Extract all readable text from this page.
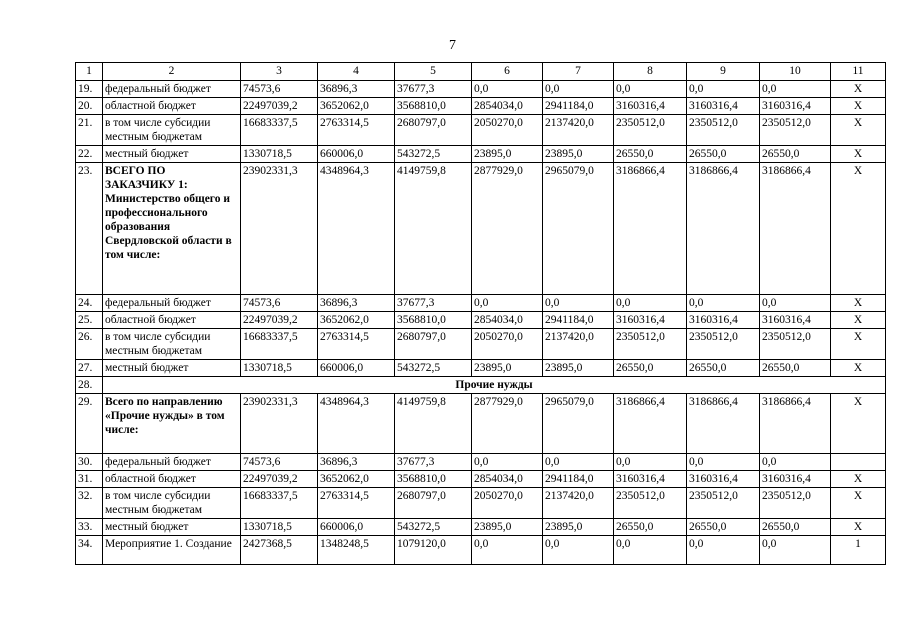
7
1	2	3	4	5	6	7	8	9	10	11
19.	федеральный бюджет	74573,6	36896,3	37677,3	0,0	0,0	0,0	0,0	0,0	Х
20.	областной бюджет	22497039,2	3652062,0	3568810,0	2854034,0	2941184,0	3160316,4	3160316,4	3160316,4	Х
21.	в том числе субсидии местным бюджетам	16683337,5	2763314,5	2680797,0	2050270,0	2137420,0	2350512,0	2350512,0	2350512,0	Х
22.	местный бюджет	1330718,5	660006,0	543272,5	23895,0	23895,0	26550,0	26550,0	26550,0	Х
23.	ВСЕГО ПО ЗАКАЗЧИКУ 1: Министерство общего и профессионального образования Свердловской области в том числе:	23902331,3	4348964,3	4149759,8	2877929,0	2965079,0	3186866,4	3186866,4	3186866,4	Х
24.	федеральный бюджет	74573,6	36896,3	37677,3	0,0	0,0	0,0	0,0	0,0	Х
25.	областной бюджет	22497039,2	3652062,0	3568810,0	2854034,0	2941184,0	3160316,4	3160316,4	3160316,4	Х
26.	в том числе субсидии местным бюджетам	16683337,5	2763314,5	2680797,0	2050270,0	2137420,0	2350512,0	2350512,0	2350512,0	Х
27.	местный бюджет	1330718,5	660006,0	543272,5	23895,0	23895,0	26550,0	26550,0	26550,0	Х
28.	Прочие нужды									
29.	Всего по направлению «Прочие нужды» в том числе:	23902331,3	4348964,3	4149759,8	2877929,0	2965079,0	3186866,4	3186866,4	3186866,4	Х
30.	федеральный бюджет	74573,6	36896,3	37677,3	0,0	0,0	0,0	0,0	0,0	
31.	областной бюджет	22497039,2	3652062,0	3568810,0	2854034,0	2941184,0	3160316,4	3160316,4	3160316,4	Х
32.	в том числе субсидии местным бюджетам	16683337,5	2763314,5	2680797,0	2050270,0	2137420,0	2350512,0	2350512,0	2350512,0	Х
33.	местный бюджет	1330718,5	660006,0	543272,5	23895,0	23895,0	26550,0	26550,0	26550,0	Х
34.	Мероприятие 1. Создание	2427368,5	1348248,5	1079120,0	0,0	0,0	0,0	0,0	0,0	1
